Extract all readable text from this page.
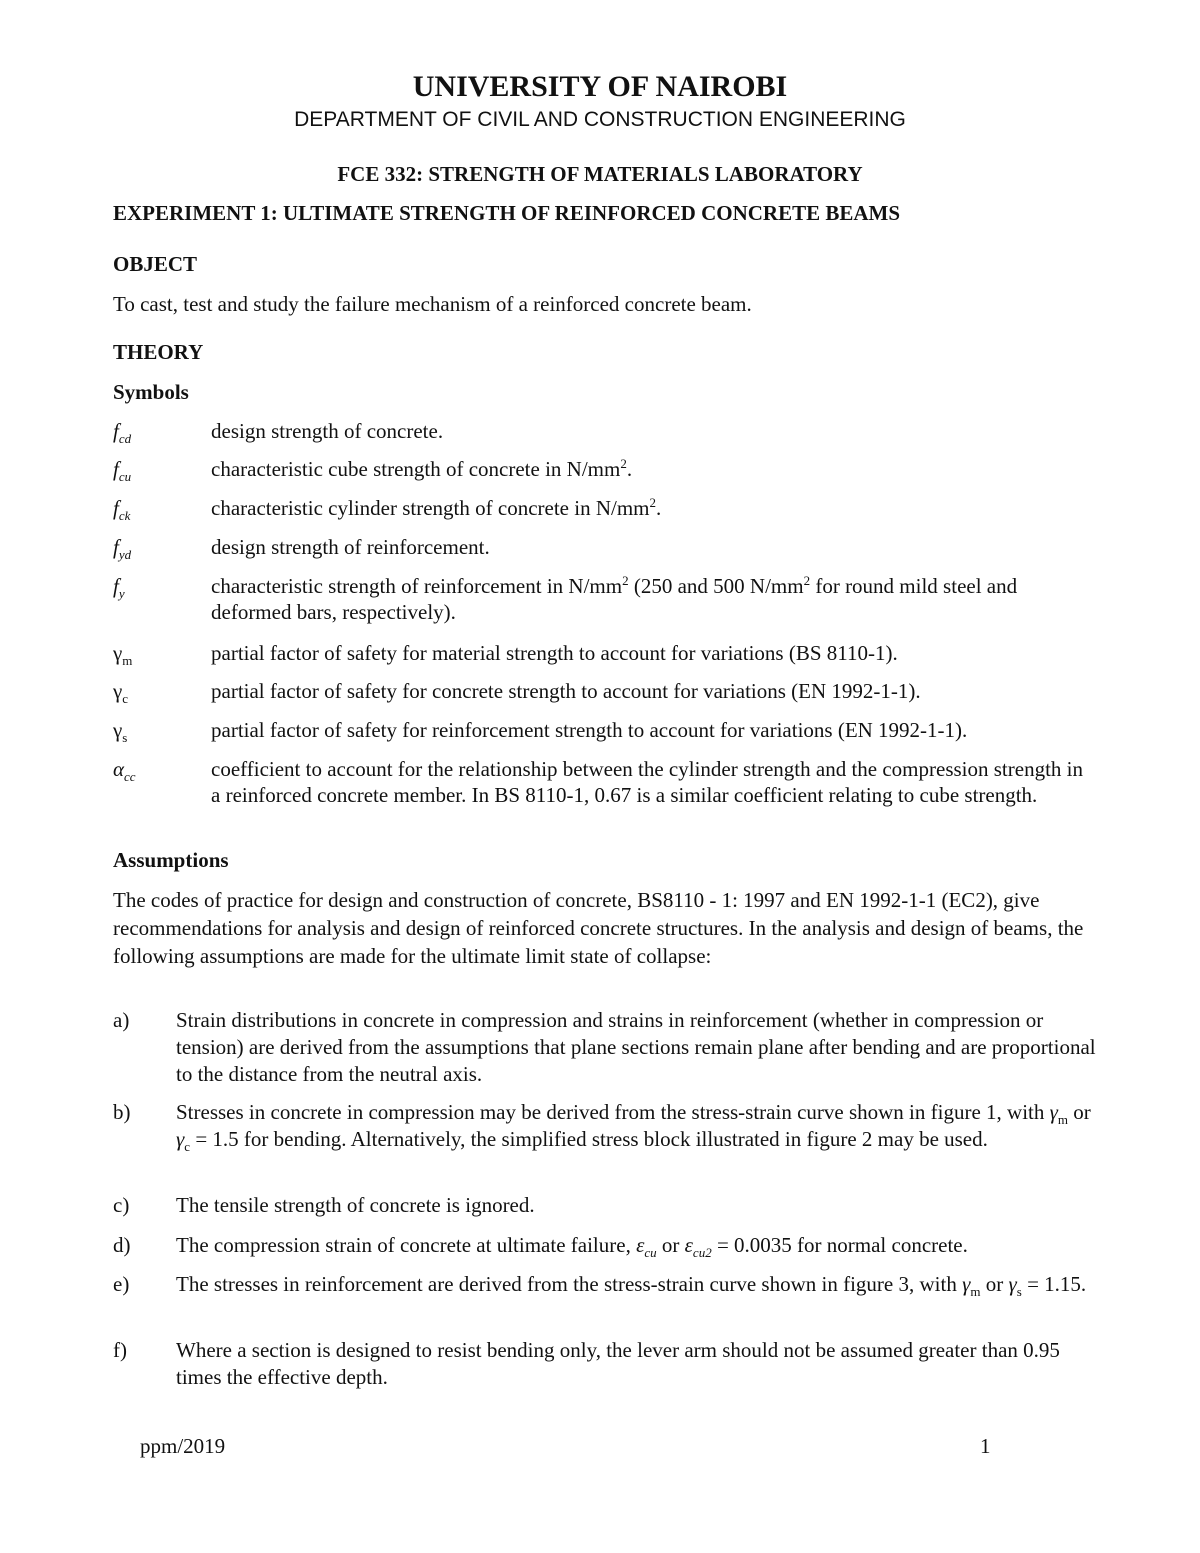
UNIVERSITY OF NAIROBI
DEPARTMENT OF CIVIL AND CONSTRUCTION ENGINEERING
FCE 332: STRENGTH OF MATERIALS LABORATORY
EXPERIMENT 1: ULTIMATE STRENGTH OF REINFORCED CONCRETE BEAMS
OBJECT
To cast, test and study the failure mechanism of a reinforced concrete beam.
THEORY
Symbols
$f_{cd}$	design strength of concrete.
$f_{cu}$	characteristic cube strength of concrete in $N/mm^2$.
$f_{ck}$	characteristic cylinder strength of concrete in $N/mm^2$.
$f_{yd}$	design strength of reinforcement.
$f_y$	characteristic strength of reinforcement in $N/mm^2$ (250 and 500 $N/mm^2$ for round mild steel and deformed bars, respectively).
$\gamma_m$	partial factor of safety for material strength to account for variations (BS 8110-1).
$\gamma_c$	partial factor of safety for concrete strength to account for variations (EN 1992-1-1).
$\gamma_s$	partial factor of safety for reinforcement strength to account for variations (EN 1992-1-1).
$\alpha_{cc}$	coefficient to account for the relationship between the cylinder strength and the compression strength in a reinforced concrete member. In BS 8110-1, 0.67 is a similar coefficient relating to cube strength.
Assumptions
The codes of practice for design and construction of concrete, BS8110 - 1: 1997 and EN 1992-1-1 (EC2), give recommendations for analysis and design of reinforced concrete structures. In the analysis and design of beams, the following assumptions are made for the ultimate limit state of collapse:
a) Strain distributions in concrete in compression and strains in reinforcement (whether in compression or tension) are derived from the assumptions that plane sections remain plane after bending and are proportional to the distance from the neutral axis.
b) Stresses in concrete in compression may be derived from the stress-strain curve shown in figure 1, with $\gamma_m$ or $\gamma_c = 1.5$ for bending. Alternatively, the simplified stress block illustrated in figure 2 may be used.
c) The tensile strength of concrete is ignored.
d) The compression strain of concrete at ultimate failure, $\varepsilon_{cu}$ or $\varepsilon_{cu2} = 0.0035$ for normal concrete.
e) The stresses in reinforcement are derived from the stress-strain curve shown in figure 3, with $\gamma_m$ or $\gamma_s = 1.15$.
f) Where a section is designed to resist bending only, the lever arm should not be assumed greater than 0.95 times the effective depth.
ppm/2019	1
